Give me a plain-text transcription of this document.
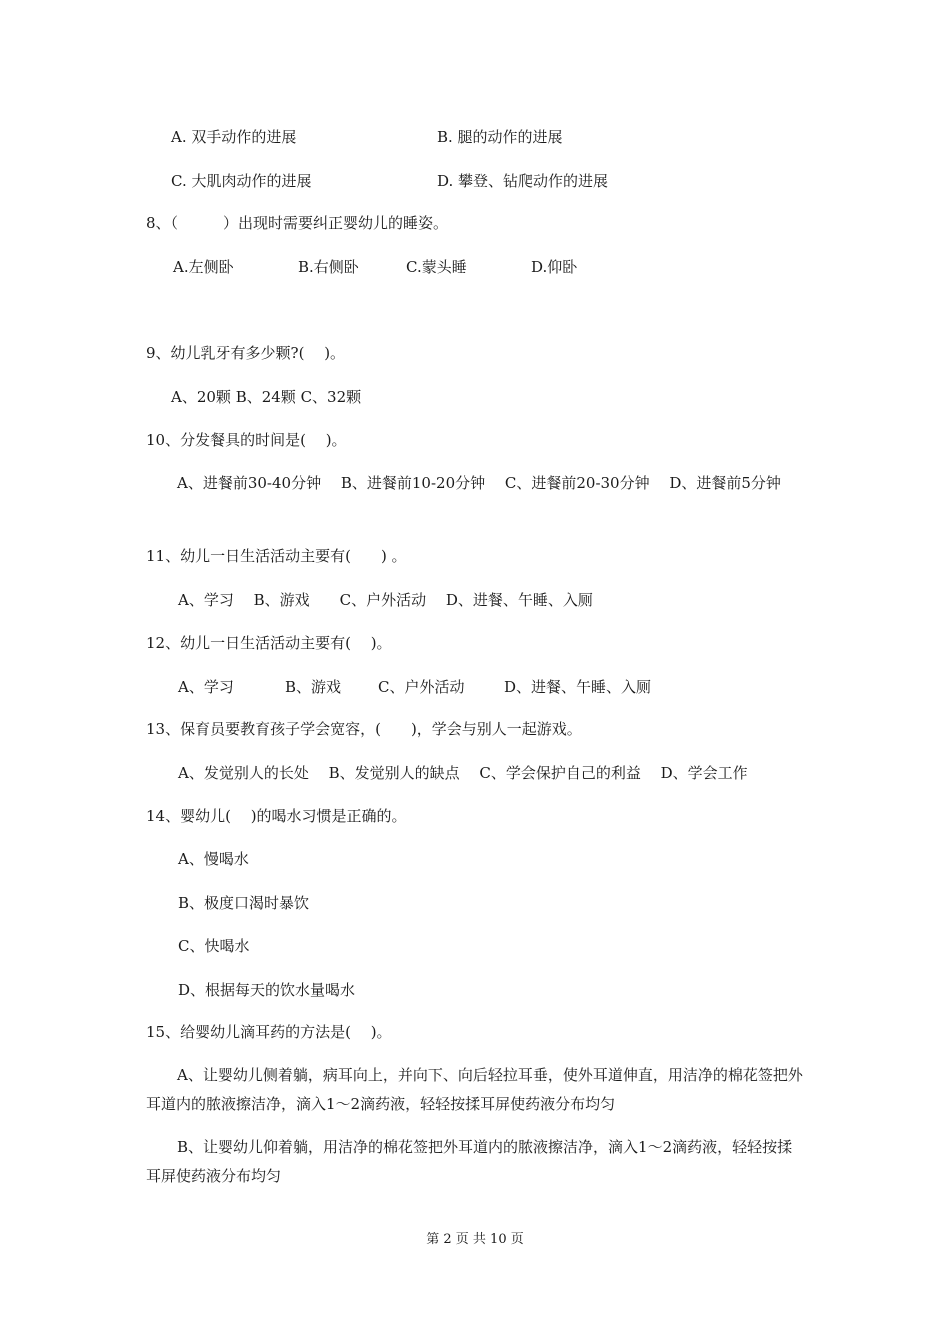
A. 双手动作的进展	B. 腿的动作的进展
C. 大肌肉动作的进展	D. 攀登、钻爬动作的进展
8、（　　　）出现时需要纠正婴幼儿的睡姿。
A.左侧卧	B.右侧卧	C.蒙头睡	D.仰卧
9、幼儿乳牙有多少颗?(　 )。
A、20颗 B、24颗 C、32颗
10、分发餐具的时间是(　 )。
A、进餐前30-40分钟　 B、进餐前10-20分钟　 C、进餐前20-30分钟　 D、进餐前5分钟
11、幼儿一日生活活动主要有(　　) 。
A、学习　 B、游戏　　C、户外活动　 D、进餐、午睡、入厕
12、幼儿一日生活活动主要有(　 )。
A、学习	B、游戏 C、户外活动	D、进餐、午睡、入厕
13、保育员要教育孩子学会宽容，(　　)，学会与别人一起游戏。
A、发觉别人的长处　 B、发觉别人的缺点　 C、学会保护自己的利益　 D、学会工作
14、婴幼儿(　 )的喝水习惯是正确的。
A、慢喝水
B、极度口渴时暴饮
C、快喝水
D、根据每天的饮水量喝水
15、给婴幼儿滴耳药的方法是(　 )。
A、让婴幼儿侧着躺，病耳向上，并向下、向后轻拉耳垂，使外耳道伸直，用洁净的棉花签把外耳道内的脓液擦洁净，滴入1～2滴药液，轻轻按揉耳屏使药液分布均匀
B、让婴幼儿仰着躺，用洁净的棉花签把外耳道内的脓液擦洁净，滴入1～2滴药液，轻轻按揉耳屏使药液分布均匀
第 2 页 共 10 页
